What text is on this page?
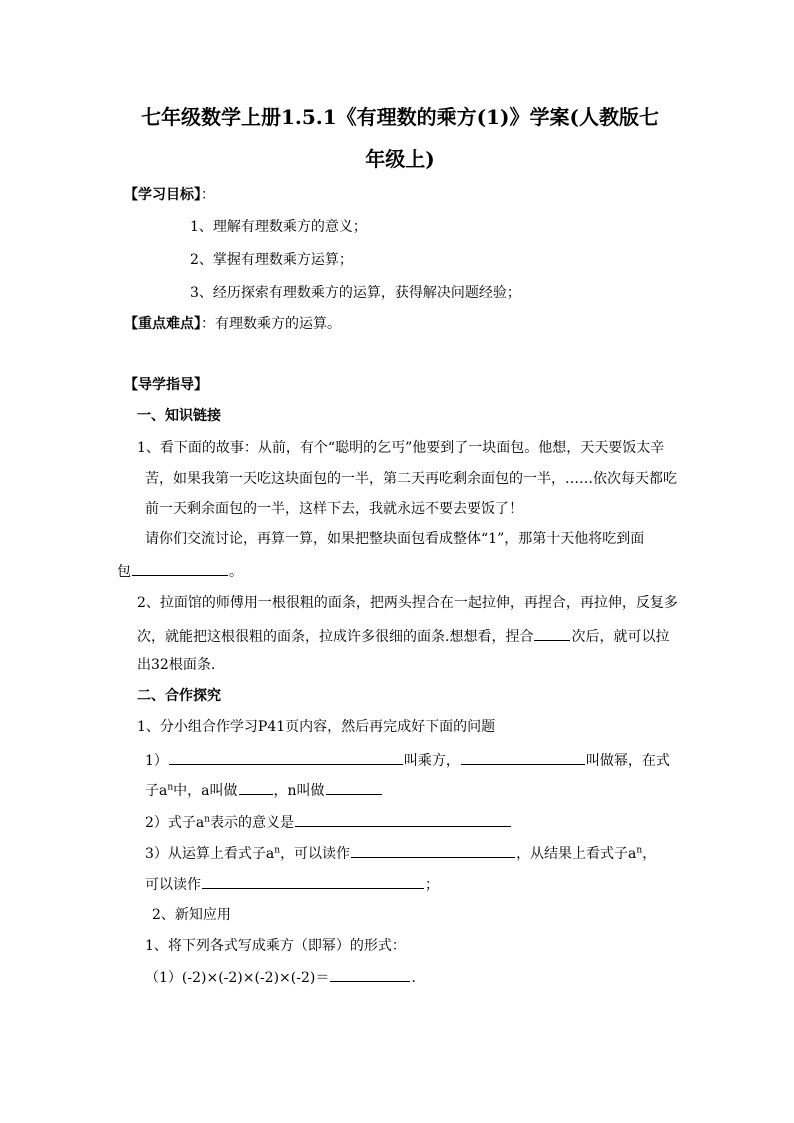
七年级数学上册1.5.1《有理数的乘方(1)》学案(人教版七
年级上)
【学习目标】：
1、理解有理数乘方的意义；
2、掌握有理数乘方运算；
3、经历探索有理数乘方的运算，获得解决问题经验；
【重点难点】：有理数乘方的运算。
【导学指导】
一、知识链接
1、看下面的故事：从前，有个“聪明的乞丐”他要到了一块面包。他想，天天要饭太辛
苦，如果我第一天吃这块面包的一半，第二天再吃剩余面包的一半，……依次每天都吃
前一天剩余面包的一半，这样下去，我就永远不要去要饭了！
请你们交流讨论，再算一算，如果把整块面包看成整体“1”，那第十天他将吃到面
包	。
2、拉面馆的师傅用一根很粗的面条，把两头捏合在一起拉伸，再捏合，再拉伸，反复多
次，就能把这根很粗的面条，拉成许多很细的面条.想想看，捏合	次后，就可以拉
出32根面条.
二、合作探究
1、分小组合作学习P41页内容，然后再完成好下面的问题
1）	叫乘方，	叫做幂，在式
子$a^n$中，a叫做	，n叫做
2）式子$a^n$表示的意义是
3）从运算上看式子$a^n$，可以读作	，从结果上看式子$a^n$，
可以读作	；
2、新知应用
1、将下列各式写成乘方（即幂）的形式：
（1）(-2)×(-2)×(-2)×(-2)＝	.
